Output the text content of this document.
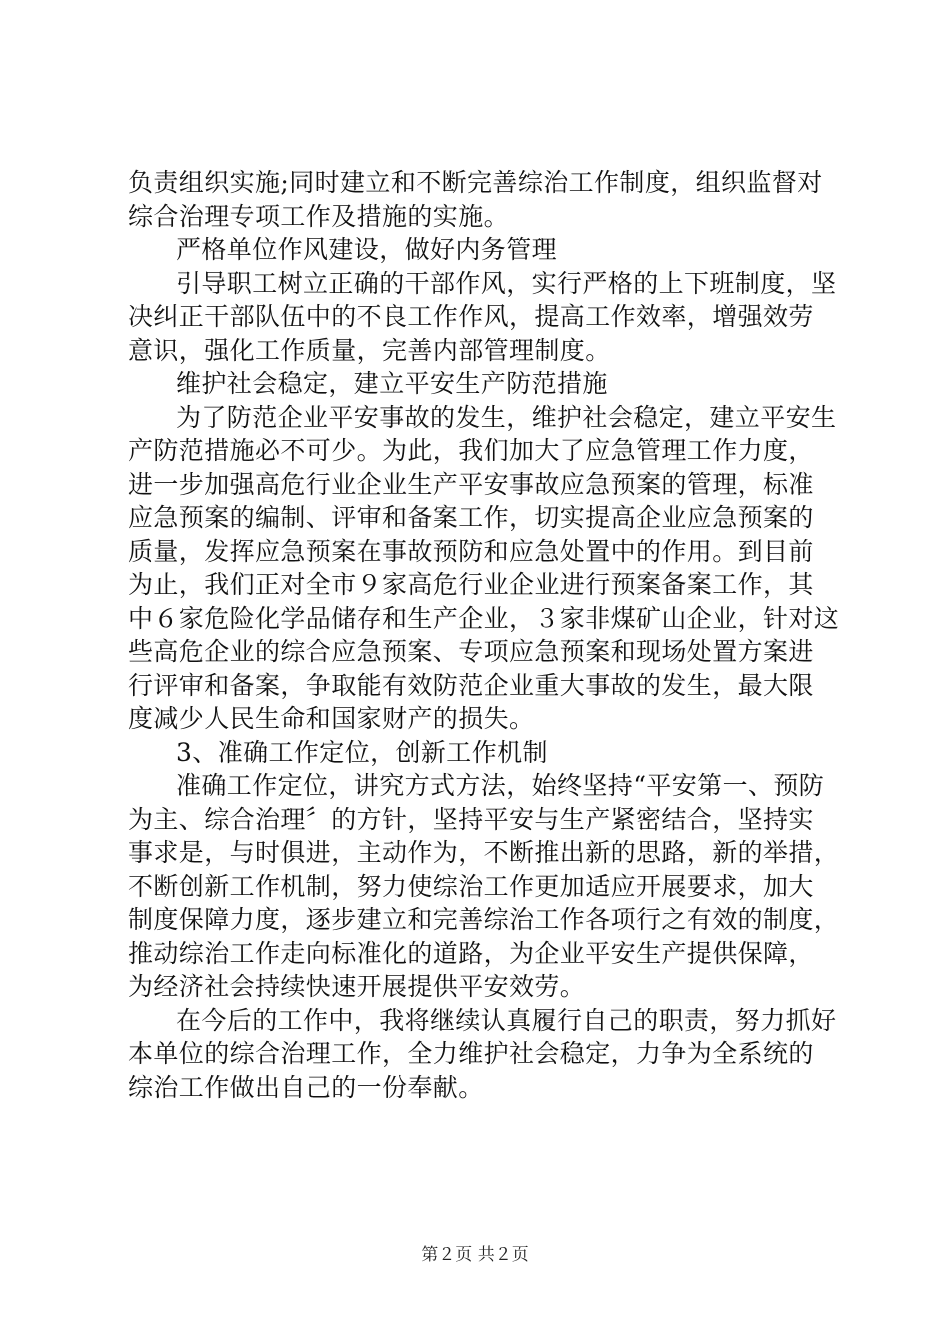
负责组织实施;同时建立和不断完善综治工作制度，组织监督对
综合治理专项工作及措施的实施。
严格单位作风建设，做好内务管理
引导职工树立正确的干部作风，实行严格的上下班制度，坚
决纠正干部队伍中的不良工作作风，提高工作效率，增强效劳
意识，强化工作质量，完善内部管理制度。
维护社会稳定，建立平安生产防范措施
为了防范企业平安事故的发生，维护社会稳定，建立平安生
产防范措施必不可少。为此，我们加大了应急管理工作力度，
进一步加强高危行业企业生产平安事故应急预案的管理，标准
应急预案的编制、评审和备案工作，切实提高企业应急预案的
质量，发挥应急预案在事故预防和应急处置中的作用。到目前
为止，我们正对全市９家高危行业企业进行预案备案工作，其
中６家危险化学品储存和生产企业，３家非煤矿山企业，针对这
些高危企业的综合应急预案、专项应急预案和现场处置方案进
行评审和备案，争取能有效防范企业重大事故的发生，最大限
度减少人民生命和国家财产的损失。
3、准确工作定位，创新工作机制
准确工作定位，讲究方式方法，始终坚持“平安第一、预防
为主、综合治理〞的方针，坚持平安与生产紧密结合，坚持实
事求是，与时俱进，主动作为，不断推出新的思路，新的举措，
不断创新工作机制，努力使综治工作更加适应开展要求，加大
制度保障力度，逐步建立和完善综治工作各项行之有效的制度，
推动综治工作走向标准化的道路，为企业平安生产提供保障，
为经济社会持续快速开展提供平安效劳。
在今后的工作中，我将继续认真履行自己的职责，努力抓好
本单位的综合治理工作，全力维护社会稳定，力争为全系统的
综治工作做出自己的一份奉献。
第２页 共２页
